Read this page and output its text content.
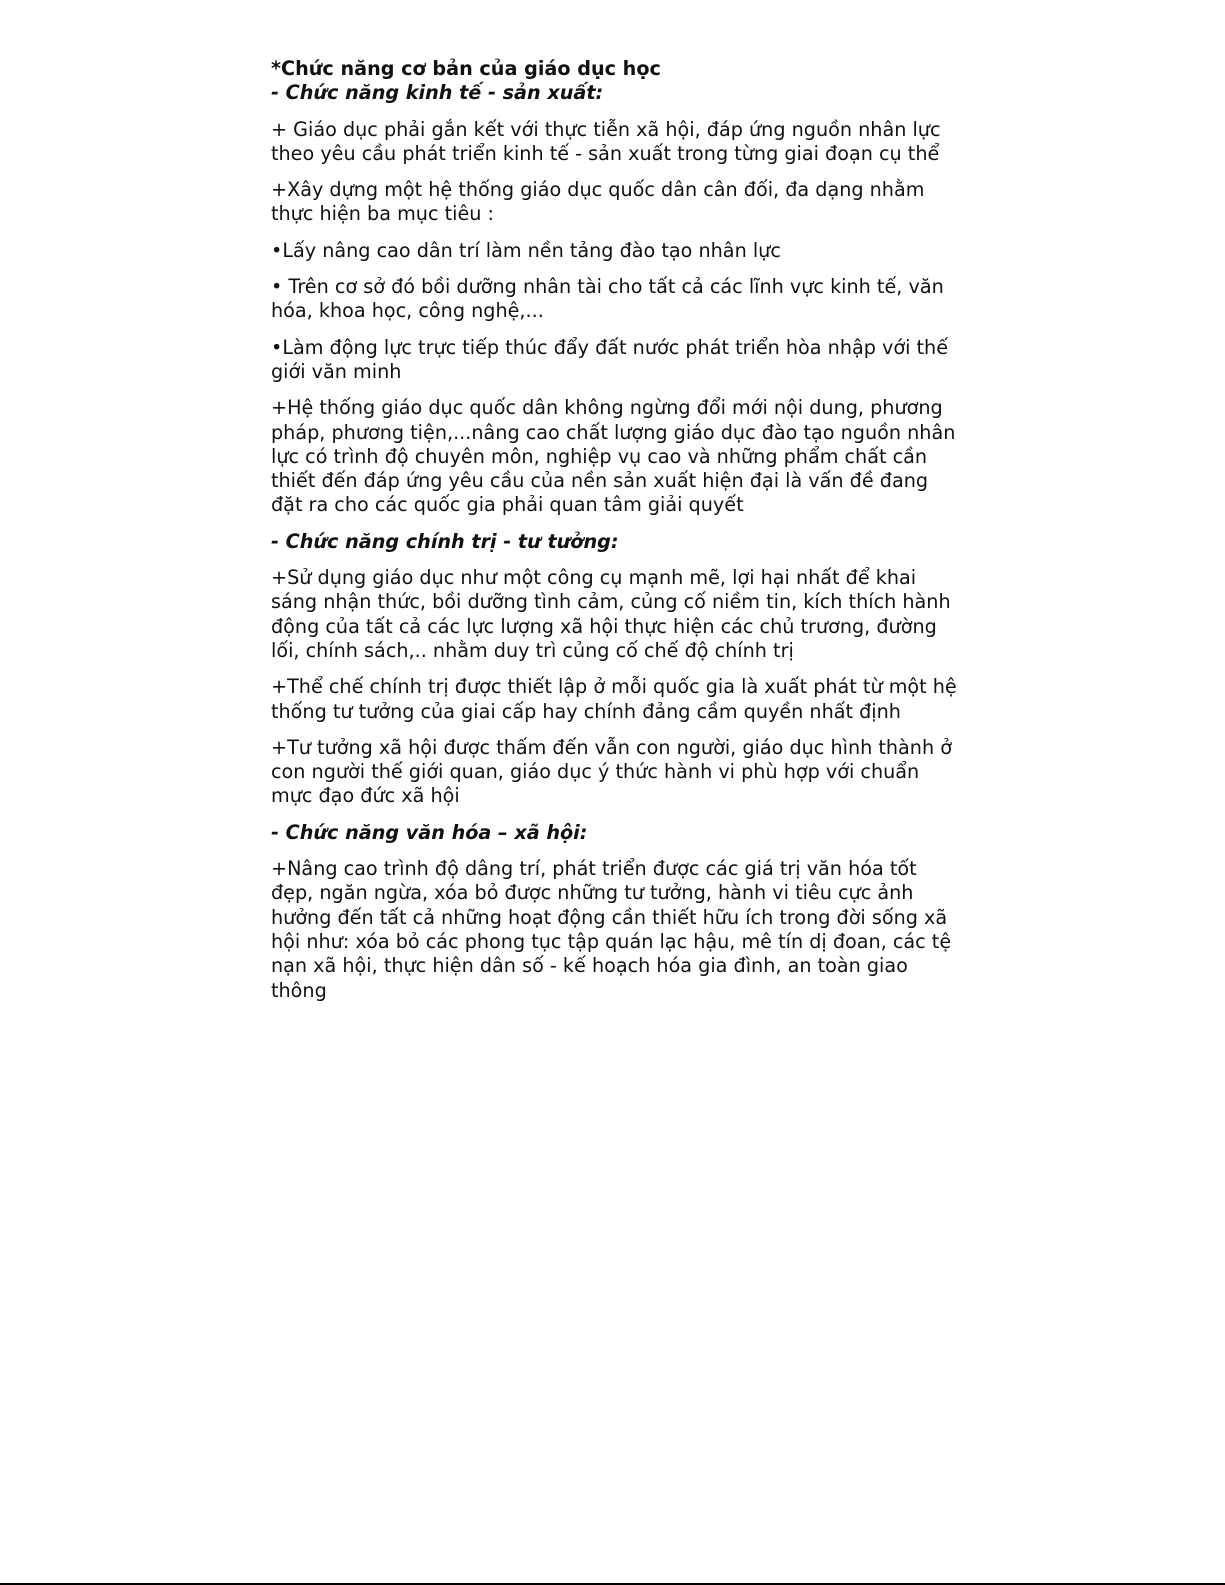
*Chức năng cơ bản của giáo dục học

- Chức năng kinh tế - sản xuất:

+ Giáo dục phải gắn kết với thực tiễn xã hội, đáp ứng nguồn nhân lực theo yêu cầu phát triển kinh tế - sản xuất trong từng giai đoạn cụ thể

+Xây dựng một hệ thống giáo dục quốc dân cân đối, đa dạng nhằm thực hiện ba mục tiêu :

•Lấy nâng cao dân trí làm nền tảng đào tạo nhân lực

• Trên cơ sở đó bồi dưỡng nhân tài cho tất cả các lĩnh vực kinh tế, văn hóa, khoa học, công nghệ,...

•Làm động lực trực tiếp thúc đẩy đất nước phát triển hòa nhập với thế giới văn minh

+Hệ thống giáo dục quốc dân không ngừng đổi mới nội dung, phương pháp, phương tiện,...nâng cao chất lượng giáo dục đào tạo nguồn nhân lực có trình độ chuyên môn, nghiệp vụ cao và những phẩm chất cần thiết đến đáp ứng yêu cầu của nền sản xuất hiện đại là vấn đề đang đặt ra cho các quốc gia phải quan tâm giải quyết

- Chức năng chính trị - tư tưởng:

+Sử dụng giáo dục như một công cụ mạnh mẽ, lợi hại nhất để khai sáng nhận thức, bồi dưỡng tình cảm, củng cố niềm tin, kích thích hành động của tất cả các lực lượng xã hội thực hiện các chủ trương, đường lối, chính sách,.. nhằm duy trì củng cố chế độ chính trị

+Thể chế chính trị được thiết lập ở mỗi quốc gia là xuất phát từ một hệ thống tư tưởng của giai cấp hay chính đảng cầm quyền nhất định

+Tư tưởng xã hội được thấm đến vẫn con người, giáo dục hình thành ở con người thế giới quan, giáo dục ý thức hành vi phù hợp với chuẩn mực đạo đức xã hội

- Chức năng văn hóa – xã hội:

+Nâng cao trình độ dâng trí, phát triển được các giá trị văn hóa tốt đẹp, ngăn ngừa, xóa bỏ được những tư tưởng, hành vi tiêu cực ảnh hưởng đến tất cả những hoạt động cần thiết hữu ích trong đời sống xã hội như: xóa bỏ các phong tục tập quán lạc hậu, mê tín dị đoan, các tệ nạn xã hội, thực hiện dân số - kế hoạch hóa gia đình, an toàn giao thông
